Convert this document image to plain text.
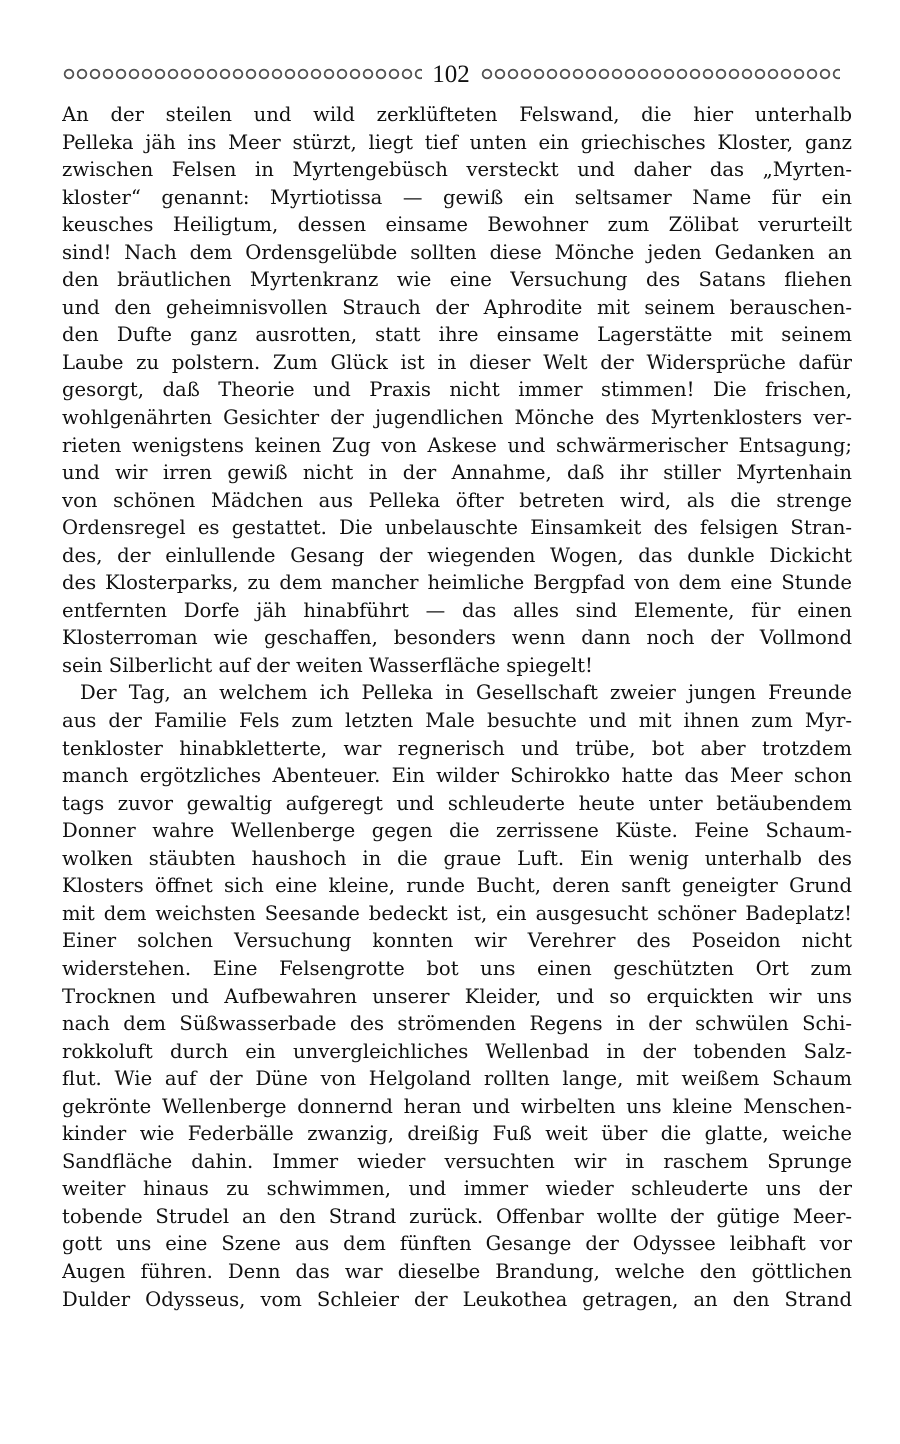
102
An der steilen und wild zerklüfteten Felswand, die hier unterhalb
Pelleka jäh ins Meer stürzt, liegt tief unten ein griechisches Kloster, ganz
zwischen Felsen in Myrtengebüsch versteckt und daher das „Myrten-
kloster“ genannt: Myrtiotissa — gewiß ein seltsamer Name für ein
keusches Heiligtum, dessen einsame Bewohner zum Zölibat verurteilt
sind! Nach dem Ordensgelübde sollten diese Mönche jeden Gedanken an
den bräutlichen Myrtenkranz wie eine Versuchung des Satans fliehen
und den geheimnisvollen Strauch der Aphrodite mit seinem berauschen-
den Dufte ganz ausrotten, statt ihre einsame Lagerstätte mit seinem
Laube zu polstern. Zum Glück ist in dieser Welt der Widersprüche dafür
gesorgt, daß Theorie und Praxis nicht immer stimmen! Die frischen,
wohlgenährten Gesichter der jugendlichen Mönche des Myrtenklosters ver-
rieten wenigstens keinen Zug von Askese und schwärmerischer Entsagung;
und wir irren gewiß nicht in der Annahme, daß ihr stiller Myrtenhain
von schönen Mädchen aus Pelleka öfter betreten wird, als die strenge
Ordensregel es gestattet. Die unbelauschte Einsamkeit des felsigen Stran-
des, der einlullende Gesang der wiegenden Wogen, das dunkle Dickicht
des Klosterparks, zu dem mancher heimliche Bergpfad von dem eine Stunde
entfernten Dorfe jäh hinabführt — das alles sind Elemente, für einen
Klosterroman wie geschaffen, besonders wenn dann noch der Vollmond
sein Silberlicht auf der weiten Wasserfläche spiegelt!
Der Tag, an welchem ich Pelleka in Gesellschaft zweier jungen Freunde
aus der Familie Fels zum letzten Male besuchte und mit ihnen zum Myr-
tenkloster hinabkletterte, war regnerisch und trübe, bot aber trotzdem
manch ergötzliches Abenteuer. Ein wilder Schirokko hatte das Meer schon
tags zuvor gewaltig aufgeregt und schleuderte heute unter betäubendem
Donner wahre Wellenberge gegen die zerrissene Küste. Feine Schaum-
wolken stäubten haushoch in die graue Luft. Ein wenig unterhalb des
Klosters öffnet sich eine kleine, runde Bucht, deren sanft geneigter Grund
mit dem weichsten Seesande bedeckt ist, ein ausgesucht schöner Badeplatz!
Einer solchen Versuchung konnten wir Verehrer des Poseidon nicht
widerstehen. Eine Felsengrotte bot uns einen geschützten Ort zum
Trocknen und Aufbewahren unserer Kleider, und so erquickten wir uns
nach dem Süßwasserbade des strömenden Regens in der schwülen Schi-
rokkoluft durch ein unvergleichliches Wellenbad in der tobenden Salz-
flut. Wie auf der Düne von Helgoland rollten lange, mit weißem Schaum
gekrönte Wellenberge donnernd heran und wirbelten uns kleine Menschen-
kinder wie Federbälle zwanzig, dreißig Fuß weit über die glatte, weiche
Sandfläche dahin. Immer wieder versuchten wir in raschem Sprunge
weiter hinaus zu schwimmen, und immer wieder schleuderte uns der
tobende Strudel an den Strand zurück. Offenbar wollte der gütige Meer-
gott uns eine Szene aus dem fünften Gesange der Odyssee leibhaft vor
Augen führen. Denn das war dieselbe Brandung, welche den göttlichen
Dulder Odysseus, vom Schleier der Leukothea getragen, an den Strand
